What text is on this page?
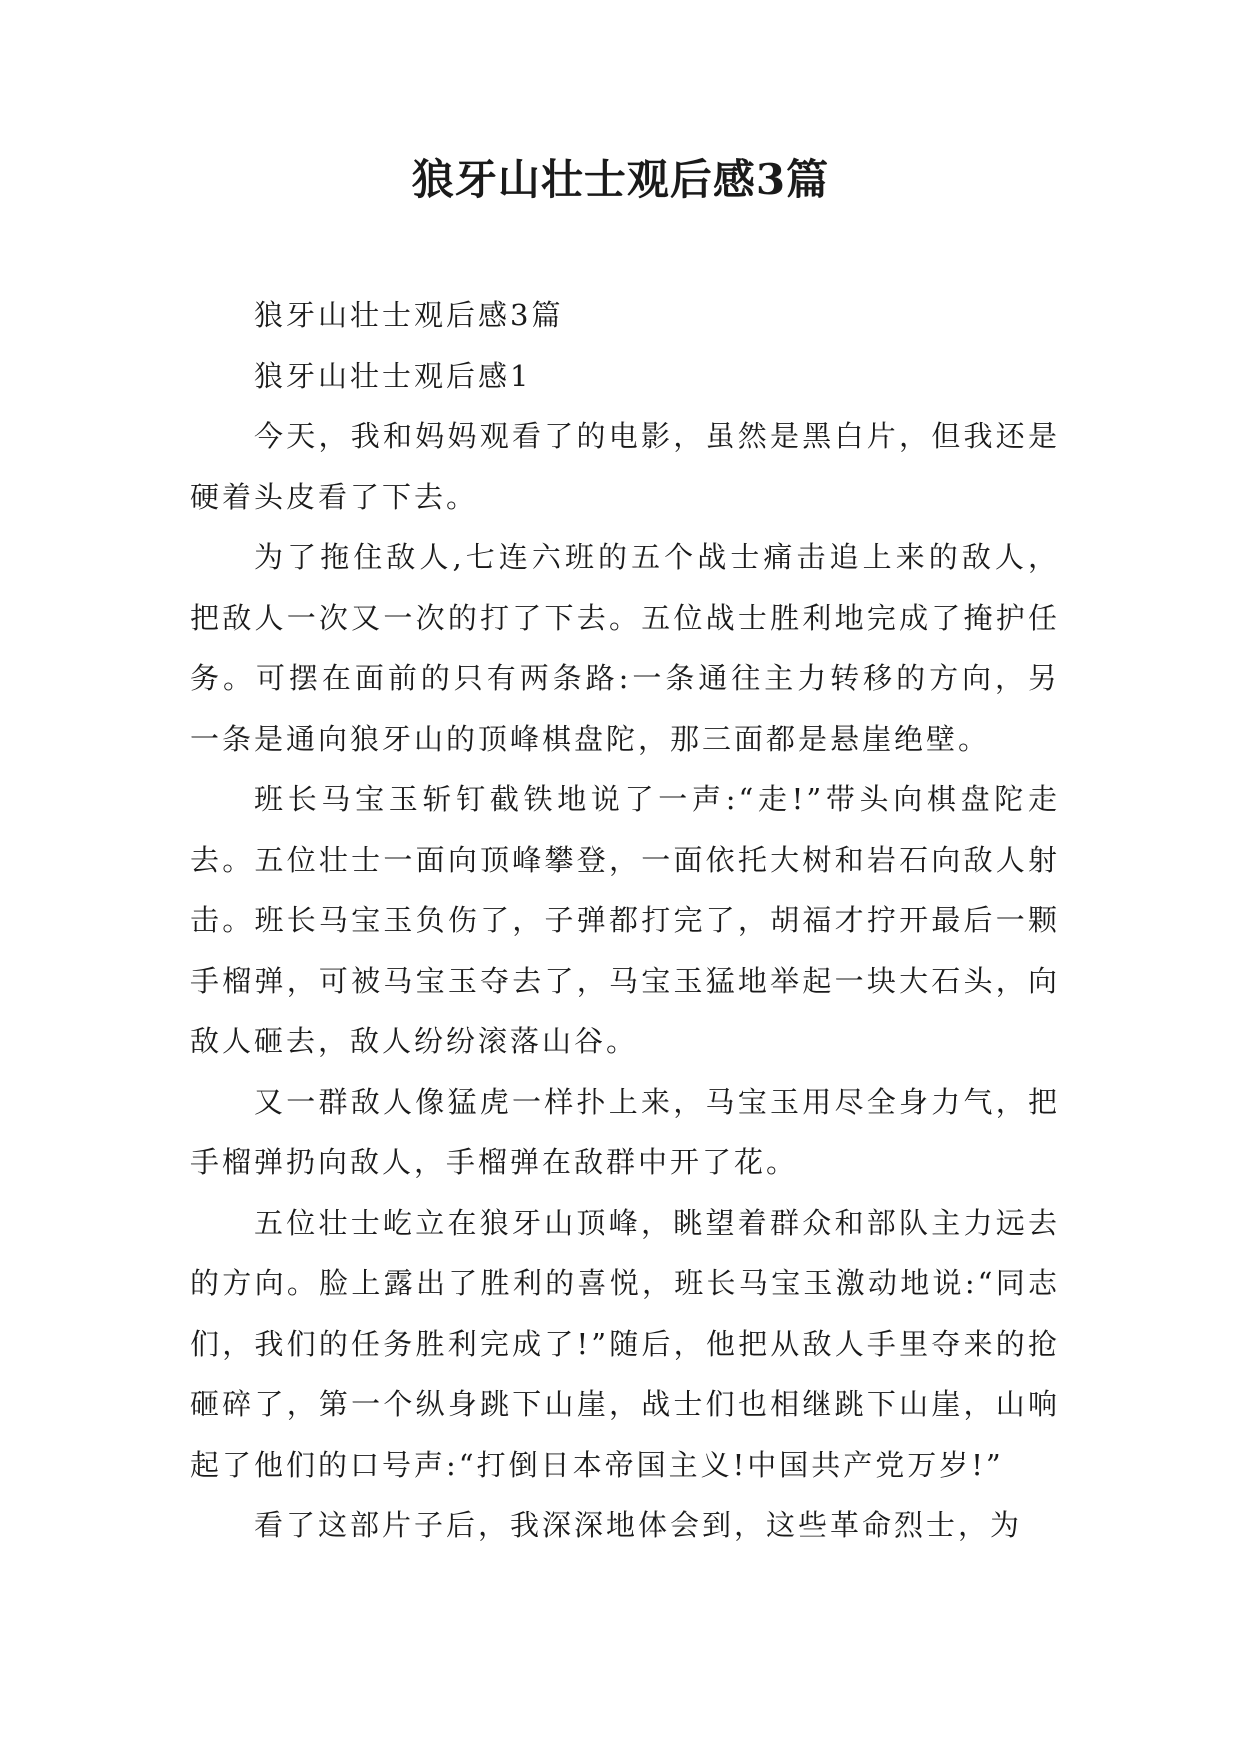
狼牙山壮士观后感3篇

狼牙山壮士观后感3篇

狼牙山壮士观后感1

今天，我和妈妈观看了的电影，虽然是黑白片，但我还是硬着头皮看了下去。

为了拖住敌人,七连六班的五个战士痛击追上来的敌人，把敌人一次又一次的打了下去。五位战士胜利地完成了掩护任务。可摆在面前的只有两条路:一条通往主力转移的方向，另一条是通向狼牙山的顶峰棋盘陀，那三面都是悬崖绝壁。

班长马宝玉斩钉截铁地说了一声:“走!”带头向棋盘陀走去。五位壮士一面向顶峰攀登，一面依托大树和岩石向敌人射击。班长马宝玉负伤了，子弹都打完了，胡福才拧开最后一颗手榴弹，可被马宝玉夺去了，马宝玉猛地举起一块大石头，向敌人砸去，敌人纷纷滚落山谷。

又一群敌人像猛虎一样扑上来，马宝玉用尽全身力气，把手榴弹扔向敌人，手榴弹在敌群中开了花。

五位壮士屹立在狼牙山顶峰，眺望着群众和部队主力远去的方向。脸上露出了胜利的喜悦，班长马宝玉激动地说:“同志们，我们的任务胜利完成了!”随后，他把从敌人手里夺来的抢砸碎了，第一个纵身跳下山崖，战士们也相继跳下山崖，山响起了他们的口号声:“打倒日本帝国主义!中国共产党万岁!”

看了这部片子后，我深深地体会到，这些革命烈士，为
